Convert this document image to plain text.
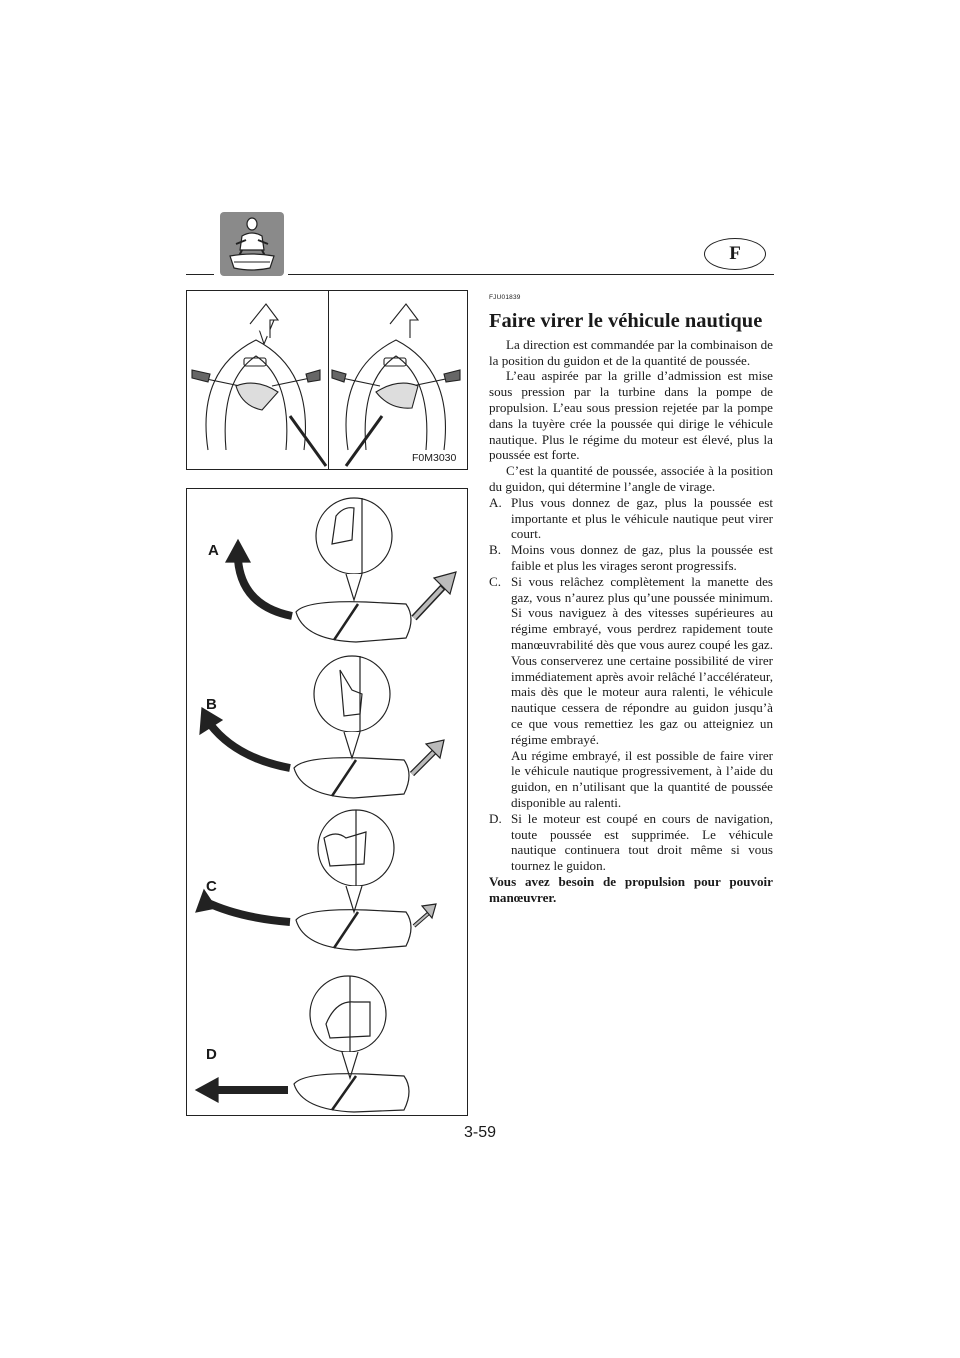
F
F0M3030
A
B
C
D
FJU01839
Faire virer le véhicule nautique

La direction est commandée par la combinaison de la position du guidon et de la quantité de poussée.

L’eau aspirée par la grille d’admission est mise sous pression par la turbine dans la pompe de propulsion. L’eau sous pression rejetée par la pompe dans la tuyère crée la poussée qui dirige le véhicule nautique. Plus le régime du moteur est élevé, plus la poussée est forte.

C’est la quantité de poussée, associée à la position du guidon, qui détermine l’angle de virage.

A. Plus vous donnez de gaz, plus la poussée est importante et plus le véhicule nautique peut virer court.
B. Moins vous donnez de gaz, plus la poussée est faible et plus les virages seront progressifs.
C. Si vous relâchez complètement la manette des gaz, vous n’aurez plus qu’une poussée minimum. Si vous naviguez à des vitesses supérieures au régime embrayé, vous perdrez rapidement toute manœuvrabilité dès que vous aurez coupé les gaz. Vous conserverez une certaine possibilité de virer immédiatement après avoir relâché l’accélérateur, mais dès que le moteur aura ralenti, le véhicule nautique cessera de répondre au guidon jusqu’à ce que vous remettiez les gaz ou atteigniez un régime embrayé.
Au régime embrayé, il est possible de faire virer le véhicule nautique progressivement, à l’aide du guidon, en n’utilisant que la quantité de poussée disponible au ralenti.
D. Si le moteur est coupé en cours de navigation, toute poussée est supprimée. Le véhicule nautique continuera tout droit même si vous tournez le guidon.
Vous avez besoin de propulsion pour pouvoir manœuvrer.
3-59
